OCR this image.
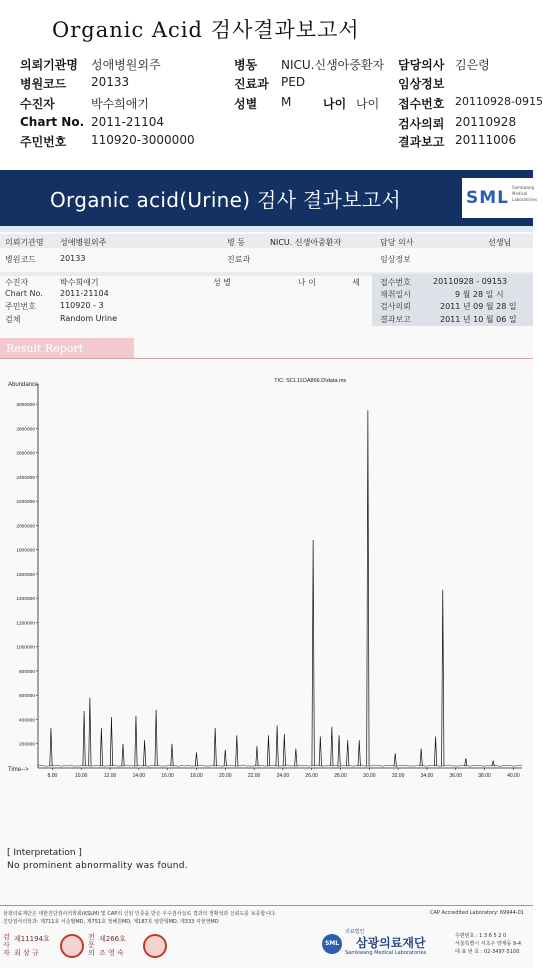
Organic Acid 검사결과보고서
의뢰기관명 성애병원외주	병동 NICU.신생아중환자 담당의사 김은령
병원코드 20133	진료과 PED	임상정보
수진자	박수희애기	성별 M	나이 나이 접수번호 20110928-0915
Chart No. 2011-21104	검사의뢰 20110928
주민번호 110920-3000000	결과보고 20111006
Organic acid(Urine) 검사 결과보고서	SML
Samkwang
Medical
Laboratories
의뢰기관명 성애병원외주	병 동	NICU. 신생아중환자	담당 의사	선생님
병원코드	20133	진료과	임상정보
수진자	박수희애기	성 별	나 이	세	접수번호	20110928 - 09153
Chart No. 2011-21104	채취일시	9 월 28 일 시
주민번호	110920 - 3	검사의뢰	2011 년 09 월 28 일
검체	Random Urine	결과보고	2011 년 10 월 06 일
Result Report
Abundance
Time-->
TIC: SCL11OA866.D\data.ms
200000
400000
600000
800000
1000000
1200000
1400000
1600000
1800000
2000000
2200000
2400000
2600000
2800000
3000000
8.00	10.00	12.00	14.00	16.00	18.00	20.00	22.00	24.00	26.00	28.00	30.00	32.00	34.00	36.00	38.00	40.00
[ Interpretation ]
No prominent abnormality was found.
삼광의료재단은 대한진단검사의학회(KSLM) 및 CAP의 신임 인증을 받은 우수검사실로 결과의 정확성과 신뢰도를 보증합니다.
진단검사의학과: 제711호 서순범MD, 제751호 정혜원MD, 제187호 엄한혁MD, 제333 지현영MD
CAP Accredited Laboratory: 69944-01
검사자
제11194호
최 삼 규
전문의
제266호
조 영 숙
SML
의료법인
삼광의료재단
Samkwang Medical Laboratories
우편번호 : 1 3 6 5 2 0
서울특별시 서초구 양재동 9-4
대 표 번 호 : 02-3497-5100
